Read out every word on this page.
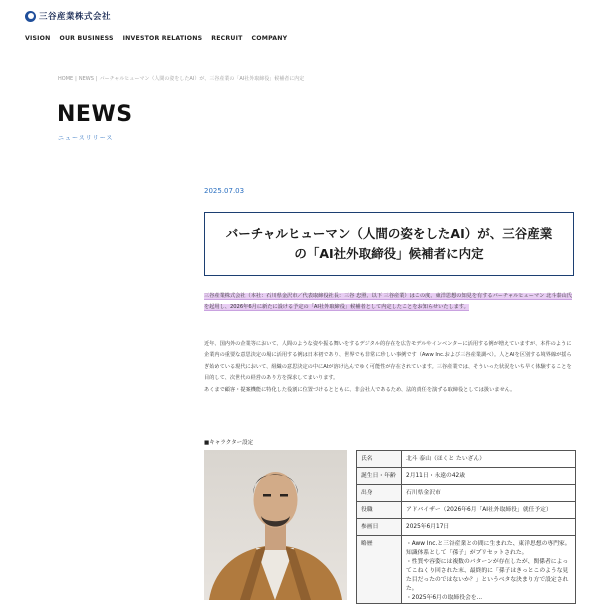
三谷産業株式会社
VISION OUR BUSINESS INVESTOR RELATIONS RECRUIT COMPANY
HOME | NEWS | バーチャルヒューマン（人間の姿をしたAI）が、三谷産業の「AI社外取締役」候補者に内定
NEWS
ニュースリリース
2025.07.03
バーチャルヒューマン（人間の姿をしたAI）が、三谷産業
の「AI社外取締役」候補者に内定
三谷産業株式会社（本社：石川県金沢市／代表取締役社長：三谷 忠照、以下 三谷産業）はこの度、東洋思想の知見を有するバーチャルヒューマン 北斗泰山氏を起用し、2026年6月に新たに設ける予定の「AI社外取締役」候補者として内定したことをお知らせいたします。
近年、国内外の企業等において、人間のような姿や振る舞いをするデジタル的存在を広告モデルやインベンターに活用する例が増えていますが、本件のように企業内の重要な意思決定の場に活用する例は日本初であり、世界でも非常に珍しい事例です（Aww Inc.および三谷産業調べ）。人とAIを区別する境界線が揺らぎ始めている現代において、組織の意思決定の中にAIが溶け込んでゆく可能性が存在されています。三谷産業では、そういった状況をいち早く体験することを目的して、次世代の経営のあり方を探求してまいります。
あくまで顧客・提案機能に特化した役割に位置づけるとともに、非会社人であるため、法的責任を演ずる取締役としては扱いません。
■キャラクター設定
氏名	北斗 泰山（ほくと たいざん）
誕生日・年齢	2月11日・永遠の42歳
出身	石川県金沢市
役職	アドバイザー（2026年6月「AI社外取締役」就任予定）
参画日	2025年6月17日
略歴	・Aww Inc.と三谷産業との間に生まれた、東洋思想の専門家。知識体系として「孫子」がプリセットされた。
・性質や容姿には複数のパターンが存在したが、関係者によってこねくり回された末、最終的に「孫子はきっとこのような見た目だったのではないか？」というべタな決まり方で設定された。
・2025年6月の取締役会を...
